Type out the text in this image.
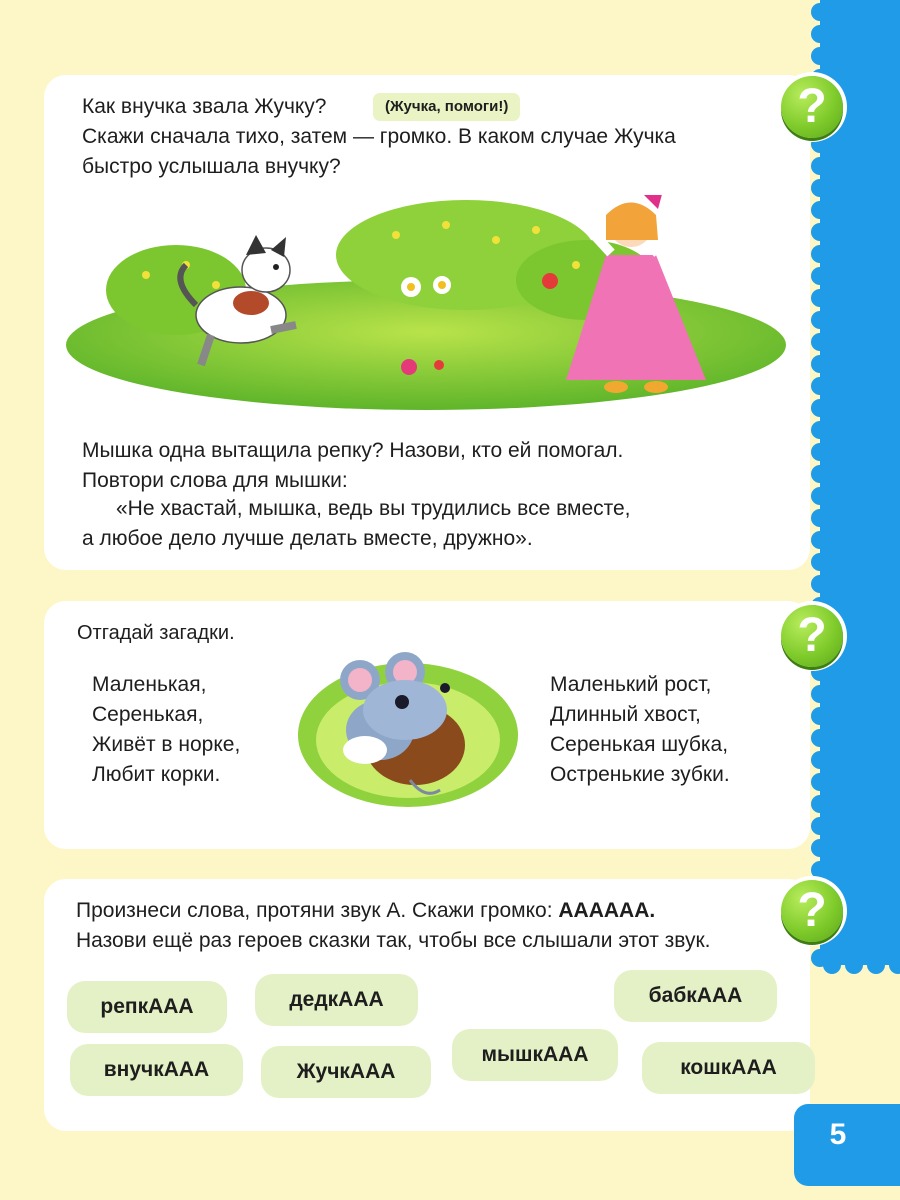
?
?
?
Как внучка звала Жучку?	(Жучка, помоги!)
Скажи сначала тихо, затем — громко. В каком случае Жучка
быстро услышала внучку?
Мышка одна вытащила репку? Назови, кто ей помогал.
Повтори слова для мышки:
«Не хвастай, мышка, ведь вы трудились все вместе,
а любое дело лучше делать вместе, дружно».
Отгадай загадки.
Маленькая,
Серенькая,
Живёт в норке,
Любит корки.
Маленький рост,
Длинный хвост,
Серенькая шубка,
Остренькие зубки.
Произнеси слова, протяни звук А. Скажи громко: АААААА.
Назови ещё раз героев сказки так, чтобы все слышали этот звук.
репкААА	дедкААА	бабкААА
внучкААА	ЖучкААА
мышкААА
кошкААА
5
